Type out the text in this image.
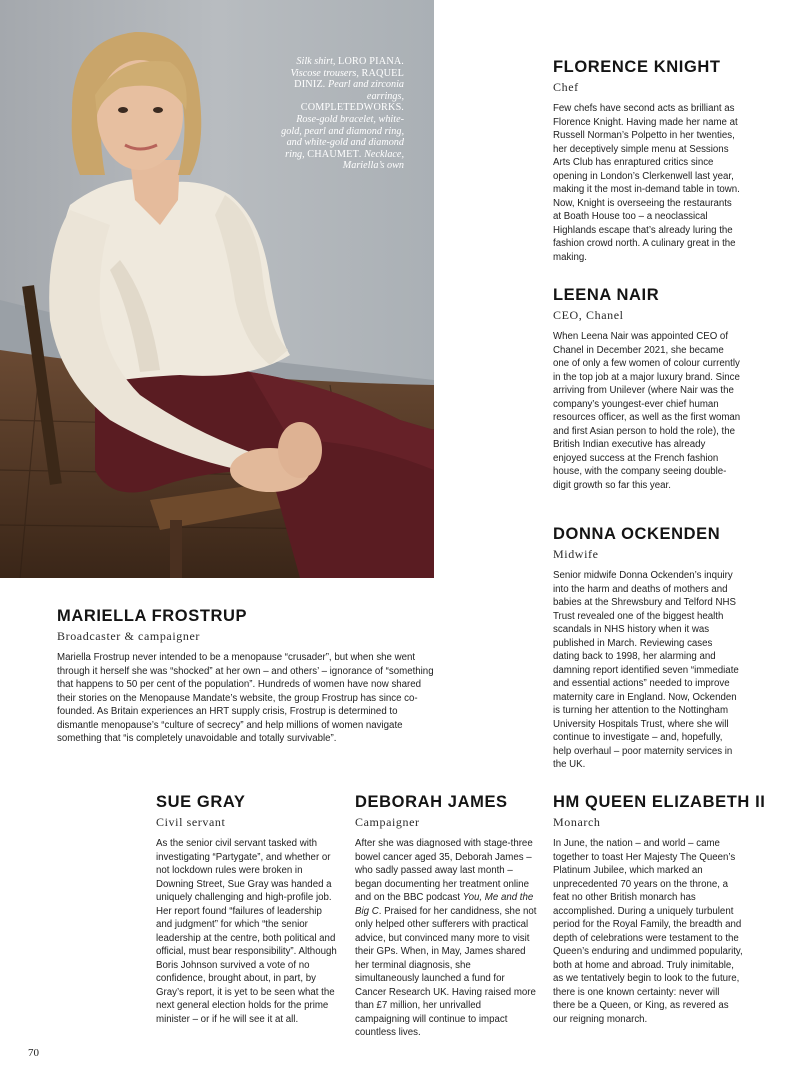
Silk shirt, LORO PIANA. Viscose trousers, RAQUEL DINIZ. Pearl and zirconia earrings, COMPLETEDWORKS. Rose-gold bracelet, white-gold, pearl and diamond ring, and white-gold and diamond ring, CHAUMET. Necklace, Mariella’s own
MARIELLA FROSTRUP
Broadcaster & campaigner

Mariella Frostrup never intended to be a menopause “crusader”, but when she went through it herself she was “shocked” at her own – and others’ – ignorance of “something that happens to 50 per cent of the population”. Hundreds of women have now shared their stories on the Menopause Mandate’s website, the group Frostrup has since co-founded. As Britain experiences an HRT supply crisis, Frostrup is determined to dismantle menopause’s “culture of secrecy” and help millions of women navigate something that “is completely unavoidable and totally survivable”.

FLORENCE KNIGHT
Chef

Few chefs have second acts as brilliant as Florence Knight. Having made her name at Russell Norman’s Polpetto in her twenties, her deceptively simple menu at Sessions Arts Club has enraptured critics since opening in London’s Clerkenwell last year, making it the most in-demand table in town. Now, Knight is overseeing the restaurants at Boath House too – a neoclassical Highlands escape that’s already luring the fashion crowd north. A culinary great in the making.

LEENA NAIR
CEO, Chanel

When Leena Nair was appointed CEO of Chanel in December 2021, she became one of only a few women of colour currently in the top job at a major luxury brand. Since arriving from Unilever (where Nair was the company’s youngest-ever chief human resources officer, as well as the first woman and first Asian person to hold the role), the British Indian executive has already enjoyed success at the French fashion house, with the company seeing double-digit growth so far this year.

DONNA OCKENDEN
Midwife

Senior midwife Donna Ockenden’s inquiry into the harm and deaths of mothers and babies at the Shrewsbury and Telford NHS Trust revealed one of the biggest health scandals in NHS history when it was published in March. Reviewing cases dating back to 1998, her alarming and damning report identified seven “immediate and essential actions” needed to improve maternity care in England. Now, Ockenden is turning her attention to the Nottingham University Hospitals Trust, where she will continue to investigate – and, hopefully, help overhaul – poor maternity services in the UK.

SUE GRAY
Civil servant

As the senior civil servant tasked with investigating “Partygate”, and whether or not lockdown rules were broken in Downing Street, Sue Gray was handed a uniquely challenging and high-profile job. Her report found “failures of leadership and judgment” for which “the senior leadership at the centre, both political and official, must bear responsibility”. Although Boris Johnson survived a vote of no confidence, brought about, in part, by Gray’s report, it is yet to be seen what the next general election holds for the prime minister – or if he will see it at all.

DEBORAH JAMES
Campaigner

After she was diagnosed with stage-three bowel cancer aged 35, Deborah James – who sadly passed away last month – began documenting her treatment online and on the BBC podcast You, Me and the Big C. Praised for her candidness, she not only helped other sufferers with practical advice, but convinced many more to visit their GPs. When, in May, James shared her terminal diagnosis, she simultaneously launched a fund for Cancer Research UK. Having raised more than £7 million, her unrivalled campaigning will continue to impact countless lives.

HM QUEEN ELIZABETH II
Monarch

In June, the nation – and world – came together to toast Her Majesty The Queen’s Platinum Jubilee, which marked an unprecedented 70 years on the throne, a feat no other British monarch has accomplished. During a uniquely turbulent period for the Royal Family, the breadth and depth of celebrations were testament to the Queen’s enduring and undimmed popularity, both at home and abroad. Truly inimitable, as we tentatively begin to look to the future, there is one known certainty: never will there be a Queen, or King, as revered as our reigning monarch.

70
